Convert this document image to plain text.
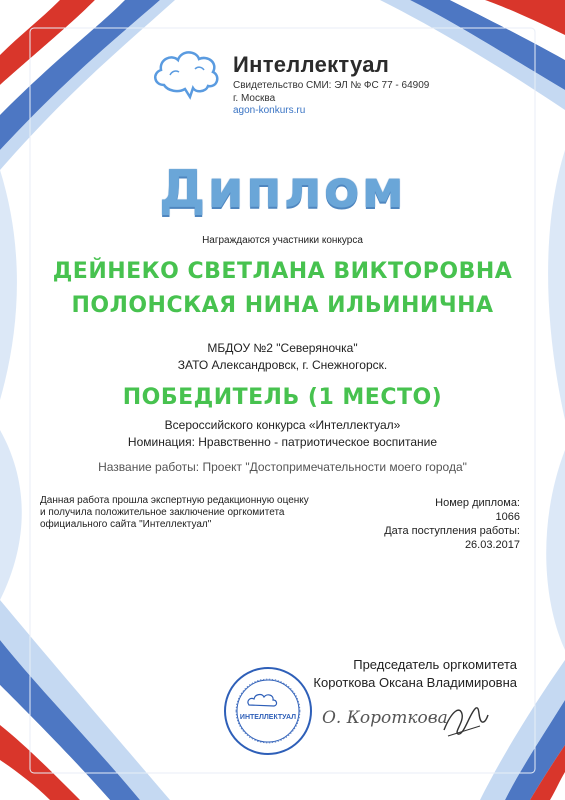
Интеллектуал
Свидетельство СМИ: ЭЛ № ФС 77 - 64909
г. Москва
agon-konkurs.ru
Диплом
Награждаются участники конкурса
ДЕЙНЕКО СВЕТЛАНА ВИКТОРОВНА
ПОЛОНСКАЯ НИНА ИЛЬИНИЧНА
МБДОУ №2 "Северяночка"
ЗАТО Александровск, г. Снежногорск.
ПОБЕДИТЕЛЬ (1 МЕСТО)
Всероссийского конкурса «Интеллектуал»
Номинация: Нравственно - патриотическое воспитание
Название работы: Проект "Достопримечательности моего города"
Данная работа прошла экспертную редакционную оценку
и получила положительное заключение оргкомитета
официального сайта "Интеллектуал"
Номер диплома:
1066
Дата поступления работы:
26.03.2017
Председатель оргкомитета
Короткова Оксана Владимировна
ИНТЕЛЛЕКТУАЛ О. Короткова
